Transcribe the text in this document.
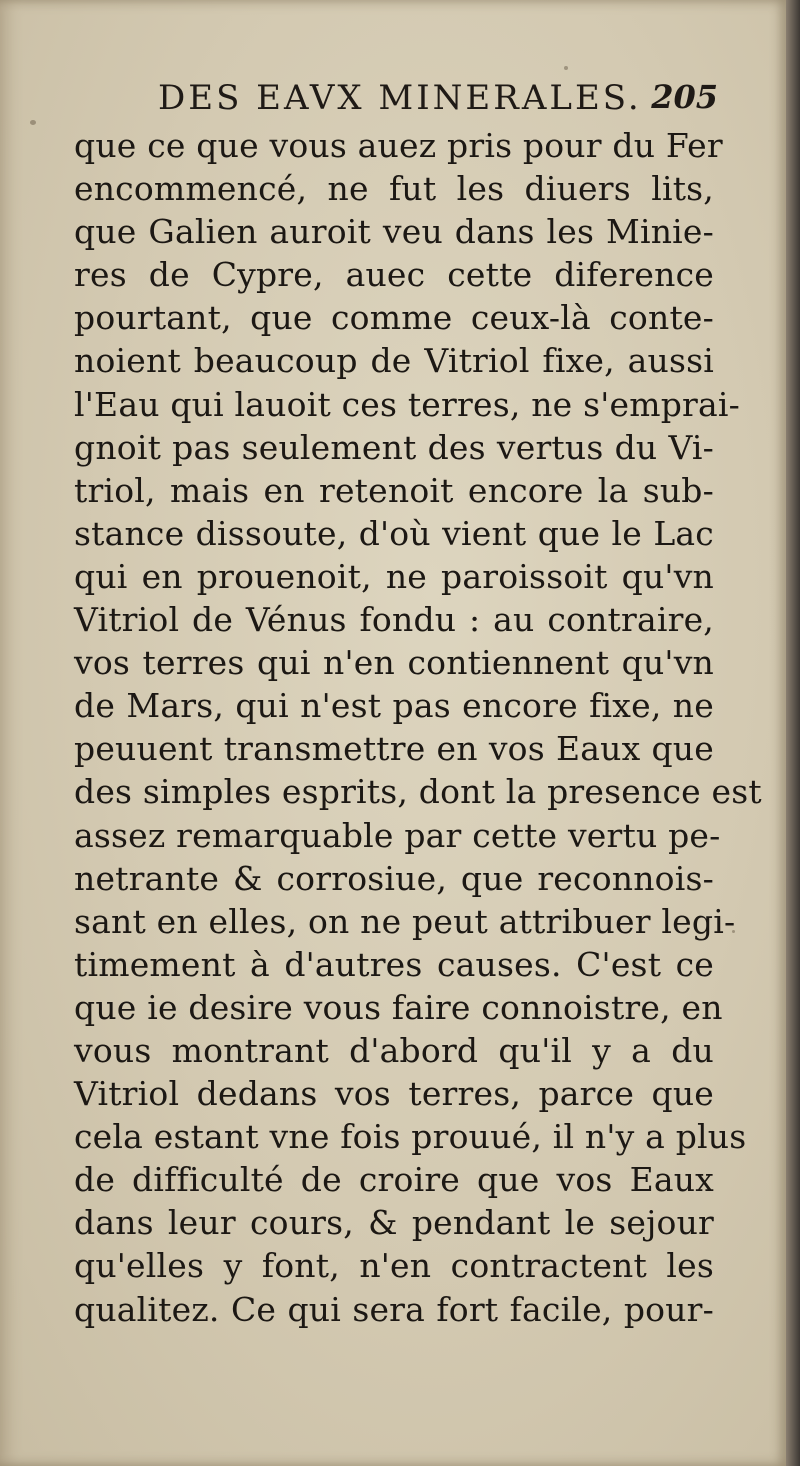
DES EAVX MINERALES. 205
que ce que vous auez pris pour du Fer
encommencé, ne fut les diuers lits,
que Galien auroit veu dans les Minie-
res de Cypre, auec cette diference
pourtant, que comme ceux-là conte-
noient beaucoup de Vitriol fixe, aussi
l'Eau qui lauoit ces terres, ne s'emprai-
gnoit pas seulement des vertus du Vi-
triol, mais en retenoit encore la sub-
stance dissoute, d'où vient que le Lac
qui en prouenoit, ne paroissoit qu'vn
Vitriol de Vénus fondu : au contraire,
vos terres qui n'en contiennent qu'vn
de Mars, qui n'est pas encore fixe, ne
peuuent transmettre en vos Eaux que
des simples esprits, dont la presence est
assez remarquable par cette vertu pe-
netrante & corrosiue, que reconnois-
sant en elles, on ne peut attribuer legi-
timement à d'autres causes. C'est ce
que ie desire vous faire connoistre, en
vous montrant d'abord qu'il y a du
Vitriol dedans vos terres, parce que
cela estant vne fois prouué, il n'y a plus
de difficulté de croire que vos Eaux
dans leur cours, & pendant le sejour
qu'elles y font, n'en contractent les
qualitez. Ce qui sera fort facile, pour-
